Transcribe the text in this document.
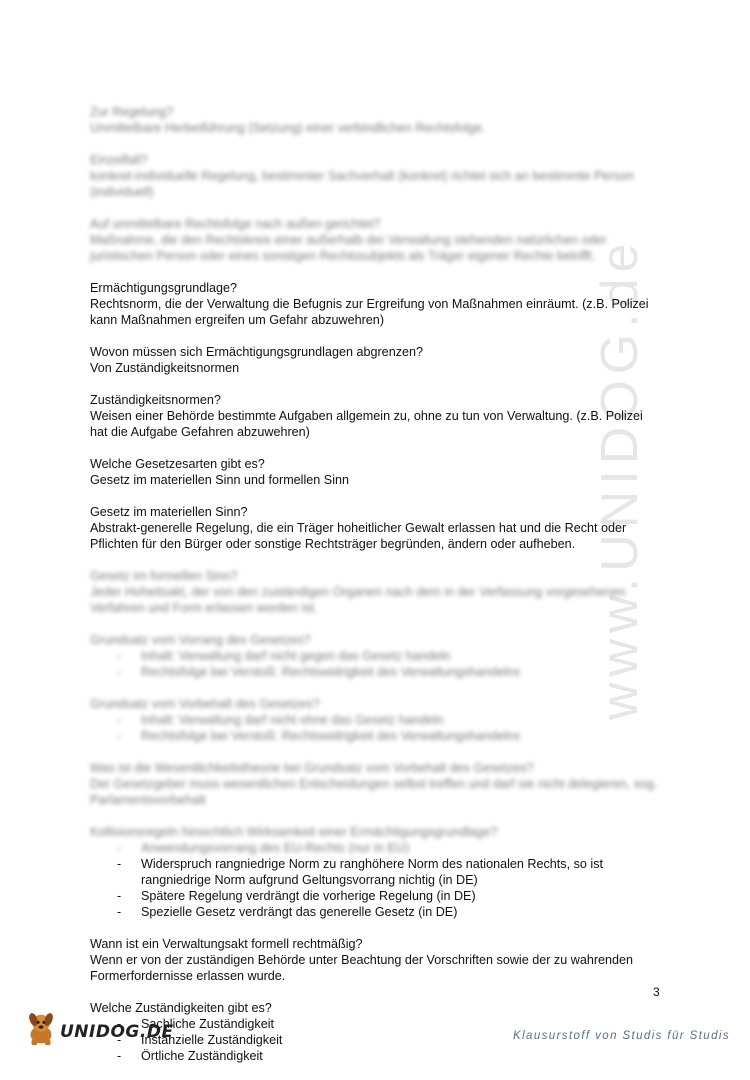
www.UNIDOG.de
Zur Regelung?
Unmittelbare Herbeiführung (Setzung) einer verbindlichen Rechtsfolge.
Einzelfall?
konkret-individuelle Regelung, bestimmter Sachverhalt (konkret) richtet sich an bestimmte Person
(individuell)
Auf unmittelbare Rechtsfolge nach außen gerichtet?
Maßnahme, die den Rechtskreis einer außerhalb der Verwaltung stehenden natürlichen oder
juristischen Person oder eines sonstigen Rechtssubjekts als Träger eigener Rechte betrifft.
Ermächtigungsgrundlage?
Rechtsnorm, die der Verwaltung die Befugnis zur Ergreifung von Maßnahmen einräumt. (z.B. Polizei
kann Maßnahmen ergreifen um Gefahr abzuwehren)
Wovon müssen sich Ermächtigungsgrundlagen abgrenzen?
Von Zuständigkeitsnormen
Zuständigkeitsnormen?
Weisen einer Behörde bestimmte Aufgaben allgemein zu, ohne zu tun von Verwaltung. (z.B. Polizei
hat die Aufgabe Gefahren abzuwehren)
Welche Gesetzesarten gibt es?
Gesetz im materiellen Sinn und formellen Sinn
Gesetz im materiellen Sinn?
Abstrakt-generelle Regelung, die ein Träger hoheitlicher Gewalt erlassen hat und die Recht oder
Pflichten für den Bürger oder sonstige Rechtsträger begründen, ändern oder aufheben.
Gesetz im formellen Sinn?
Jeder Hoheitsakt, der von den zuständigen Organen nach dem in der Verfassung vorgesehenen
Verfahren und Form erlassen worden ist.
Grundsatz vom Vorrang des Gesetzes?
- Inhalt: Verwaltung darf nicht gegen das Gesetz handeln
- Rechtsfolge bei Verstoß: Rechtswidrigkeit des Verwaltungshandelns
Grundsatz vom Vorbehalt des Gesetzes?
- Inhalt: Verwaltung darf nicht ohne das Gesetz handeln
- Rechtsfolge bei Verstoß: Rechtswidrigkeit des Verwaltungshandelns
Was ist die Wesentlichkeitstheorie bei Grundsatz vom Vorbehalt des Gesetzes?
Der Gesetzgeber muss wesentlichen Entscheidungen selbst treffen und darf sie nicht delegieren, sog.
Parlamentsvorbehalt
Kollisionsregeln hinsichtlich Wirksamkeit einer Ermächtigungsgrundlage?
- Anwendungsvorrang des EU-Rechts (nur in EU)
- Widerspruch rangniedrige Norm zu ranghöhere Norm des nationalen Rechts, so ist rangniedrige Norm aufgrund Geltungsvorrang nichtig (in DE)
- Spätere Regelung verdrängt die vorherige Regelung (in DE)
- Spezielle Gesetz verdrängt das generelle Gesetz (in DE)
Wann ist ein Verwaltungsakt formell rechtmäßig?
Wenn er von der zuständigen Behörde unter Beachtung der Vorschriften sowie der zu wahrenden
Formerfordernisse erlassen wurde.
Welche Zuständigkeiten gibt es?
- Sachliche Zuständigkeit
- Instanzielle Zuständigkeit
- Örtliche Zuständigkeit
3
UNIDOG.DE	Klausurstoff von Studis für Studis
